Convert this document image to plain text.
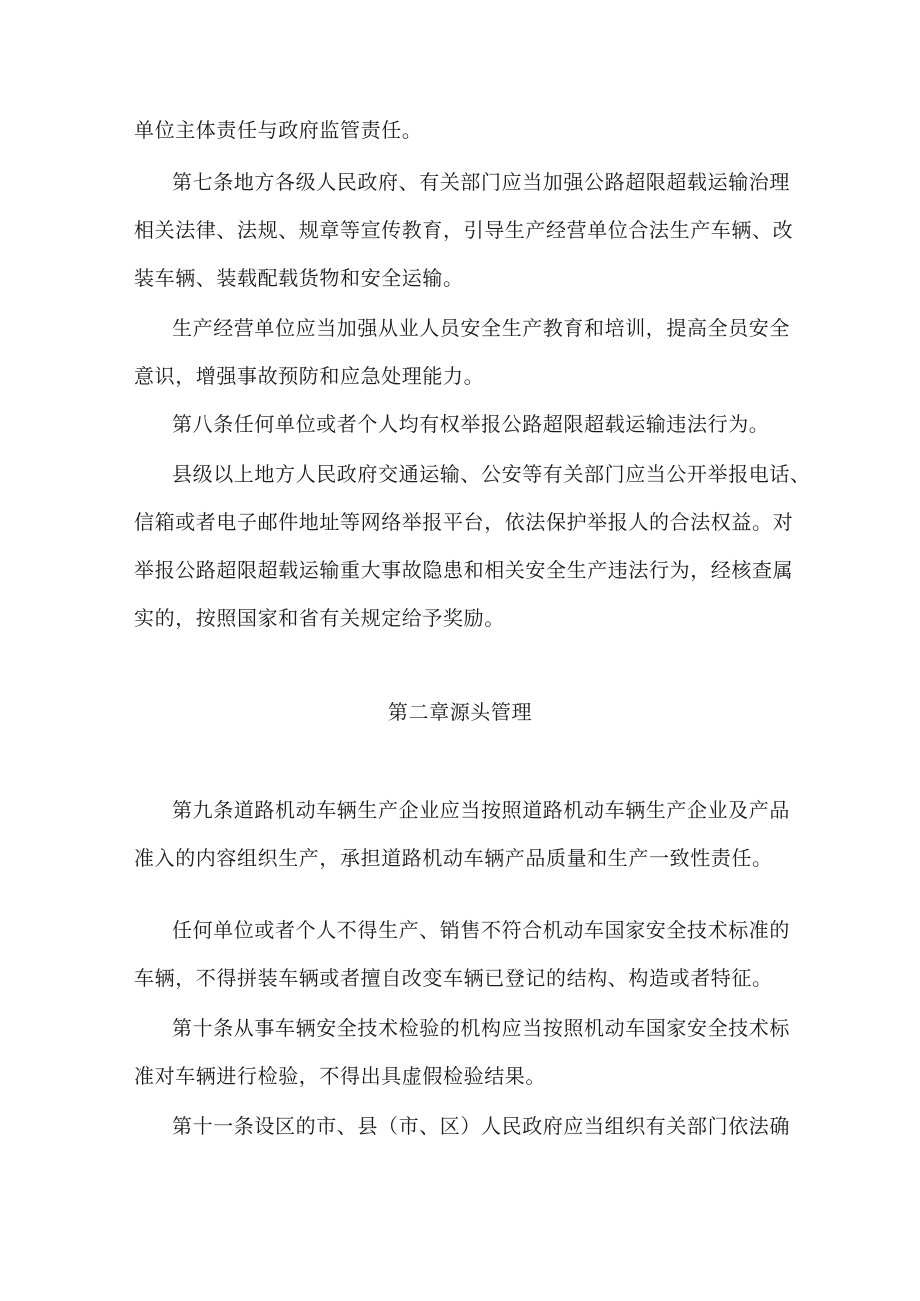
单位主体责任与政府监管责任。
第七条地方各级人民政府、有关部门应当加强公路超限超载运输治理
相关法律、法规、规章等宣传教育，引导生产经营单位合法生产车辆、改
装车辆、装载配载货物和安全运输。
生产经营单位应当加强从业人员安全生产教育和培训，提高全员安全
意识，增强事故预防和应急处理能力。
第八条任何单位或者个人均有权举报公路超限超载运输违法行为。
县级以上地方人民政府交通运输、公安等有关部门应当公开举报电话、
信箱或者电子邮件地址等网络举报平台，依法保护举报人的合法权益。对
举报公路超限超载运输重大事故隐患和相关安全生产违法行为，经核查属
实的，按照国家和省有关规定给予奖励。
第二章源头管理
第九条道路机动车辆生产企业应当按照道路机动车辆生产企业及产品
准入的内容组织生产，承担道路机动车辆产品质量和生产一致性责任。
任何单位或者个人不得生产、销售不符合机动车国家安全技术标准的
车辆，不得拼装车辆或者擅自改变车辆已登记的结构、构造或者特征。
第十条从事车辆安全技术检验的机构应当按照机动车国家安全技术标
准对车辆进行检验，不得出具虚假检验结果。
第十一条设区的市、县（市、区）人民政府应当组织有关部门依法确
